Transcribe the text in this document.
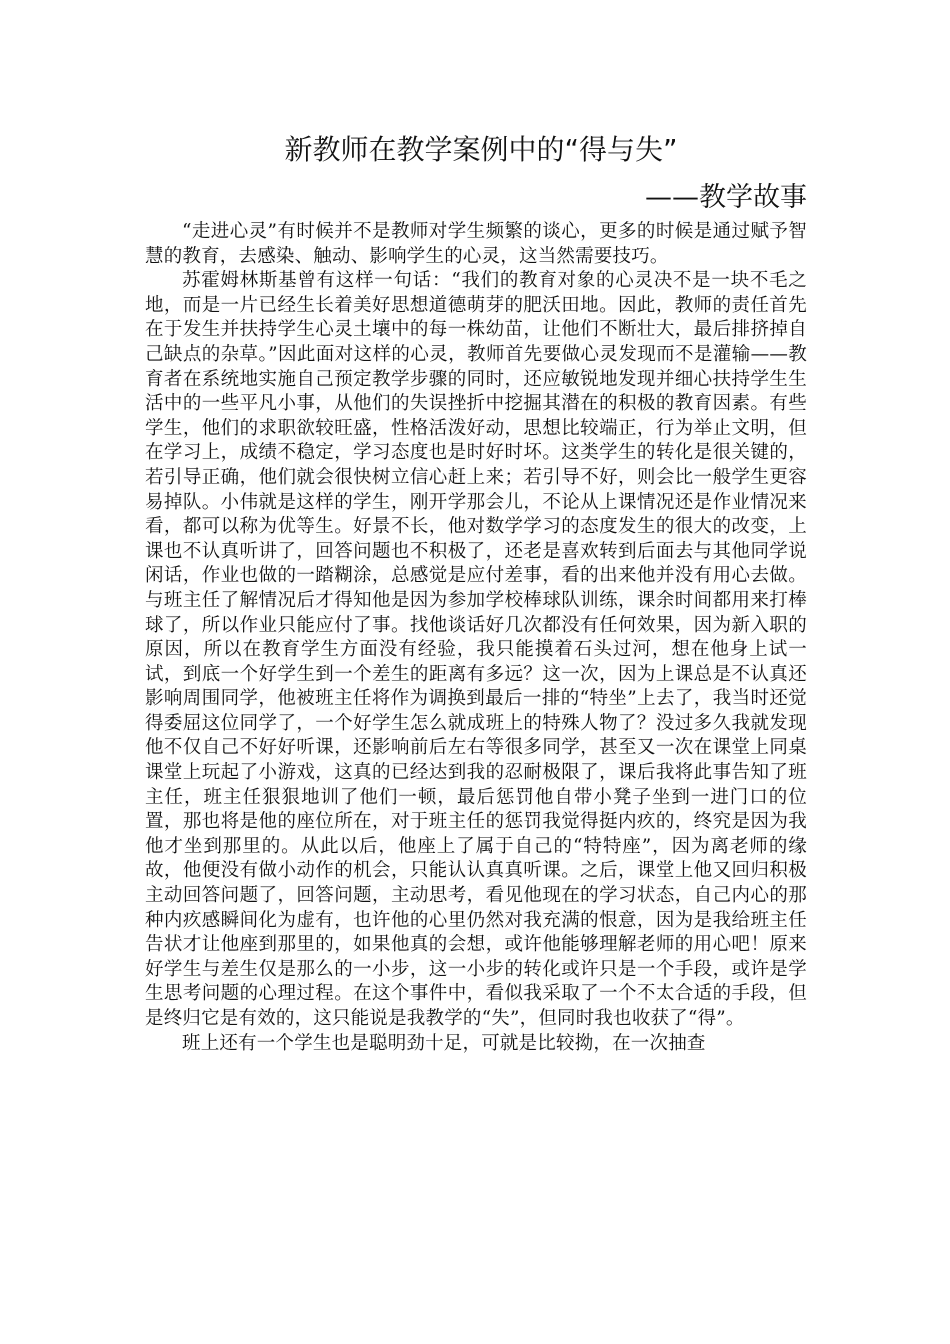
新教师在教学案例中的“得与失”
——教学故事

“走进心灵”有时候并不是教师对学生频繁的谈心，更多的时候是通过赋予智慧的教育，去感染、触动、影响学生的心灵，这当然需要技巧。

苏霍姆林斯基曾有这样一句话：“我们的教育对象的心灵决不是一块不毛之地，而是一片已经生长着美好思想道德萌芽的肥沃田地。因此，教师的责任首先在于发生并扶持学生心灵土壤中的每一株幼苗，让他们不断壮大，最后排挤掉自己缺点的杂草。”因此面对这样的心灵，教师首先要做心灵发现而不是灌输——教育者在系统地实施自己预定教学步骤的同时，还应敏锐地发现并细心扶持学生生活中的一些平凡小事，从他们的失误挫折中挖掘其潜在的积极的教育因素。有些学生，他们的求职欲较旺盛，性格活泼好动，思想比较端正，行为举止文明，但在学习上，成绩不稳定，学习态度也是时好时坏。这类学生的转化是很关键的，若引导正确，他们就会很快树立信心赶上来；若引导不好，则会比一般学生更容易掉队。小伟就是这样的学生，刚开学那会儿，不论从上课情况还是作业情况来看，都可以称为优等生。好景不长，他对数学学习的态度发生的很大的改变，上课也不认真听讲了，回答问题也不积极了，还老是喜欢转到后面去与其他同学说闲话，作业也做的一踏糊涂，总感觉是应付差事，看的出来他并没有用心去做。与班主任了解情况后才得知他是因为参加学校棒球队训练，课余时间都用来打棒球了，所以作业只能应付了事。找他谈话好几次都没有任何效果，因为新入职的原因，所以在教育学生方面没有经验，我只能摸着石头过河，想在他身上试一试，到底一个好学生到一个差生的距离有多远？这一次，因为上课总是不认真还影响周围同学，他被班主任将作为调换到最后一排的“特坐”上去了，我当时还觉得委屈这位同学了，一个好学生怎么就成班上的特殊人物了？没过多久我就发现他不仅自己不好好听课，还影响前后左右等很多同学，甚至又一次在课堂上同桌课堂上玩起了小游戏，这真的已经达到我的忍耐极限了，课后我将此事告知了班主任，班主任狠狠地训了他们一顿，最后惩罚他自带小凳子坐到一进门口的位置，那也将是他的座位所在，对于班主任的惩罚我觉得挺内疚的，终究是因为我他才坐到那里的。从此以后，他座上了属于自己的“特特座”，因为离老师的缘故，他便没有做小动作的机会，只能认认真真听课。之后，课堂上他又回归积极主动回答问题了，回答问题，主动思考，看见他现在的学习状态，自己内心的那种内疚感瞬间化为虚有，也许他的心里仍然对我充满的恨意，因为是我给班主任告状才让他座到那里的，如果他真的会想，或许他能够理解老师的用心吧！原来好学生与差生仅是那么的一小步，这一小步的转化或许只是一个手段，或许是学生思考问题的心理过程。在这个事件中，看似我采取了一个不太合适的手段，但是终归它是有效的，这只能说是我教学的“失”，但同时我也收获了“得”。

班上还有一个学生也是聪明劲十足，可就是比较拗，在一次抽查
